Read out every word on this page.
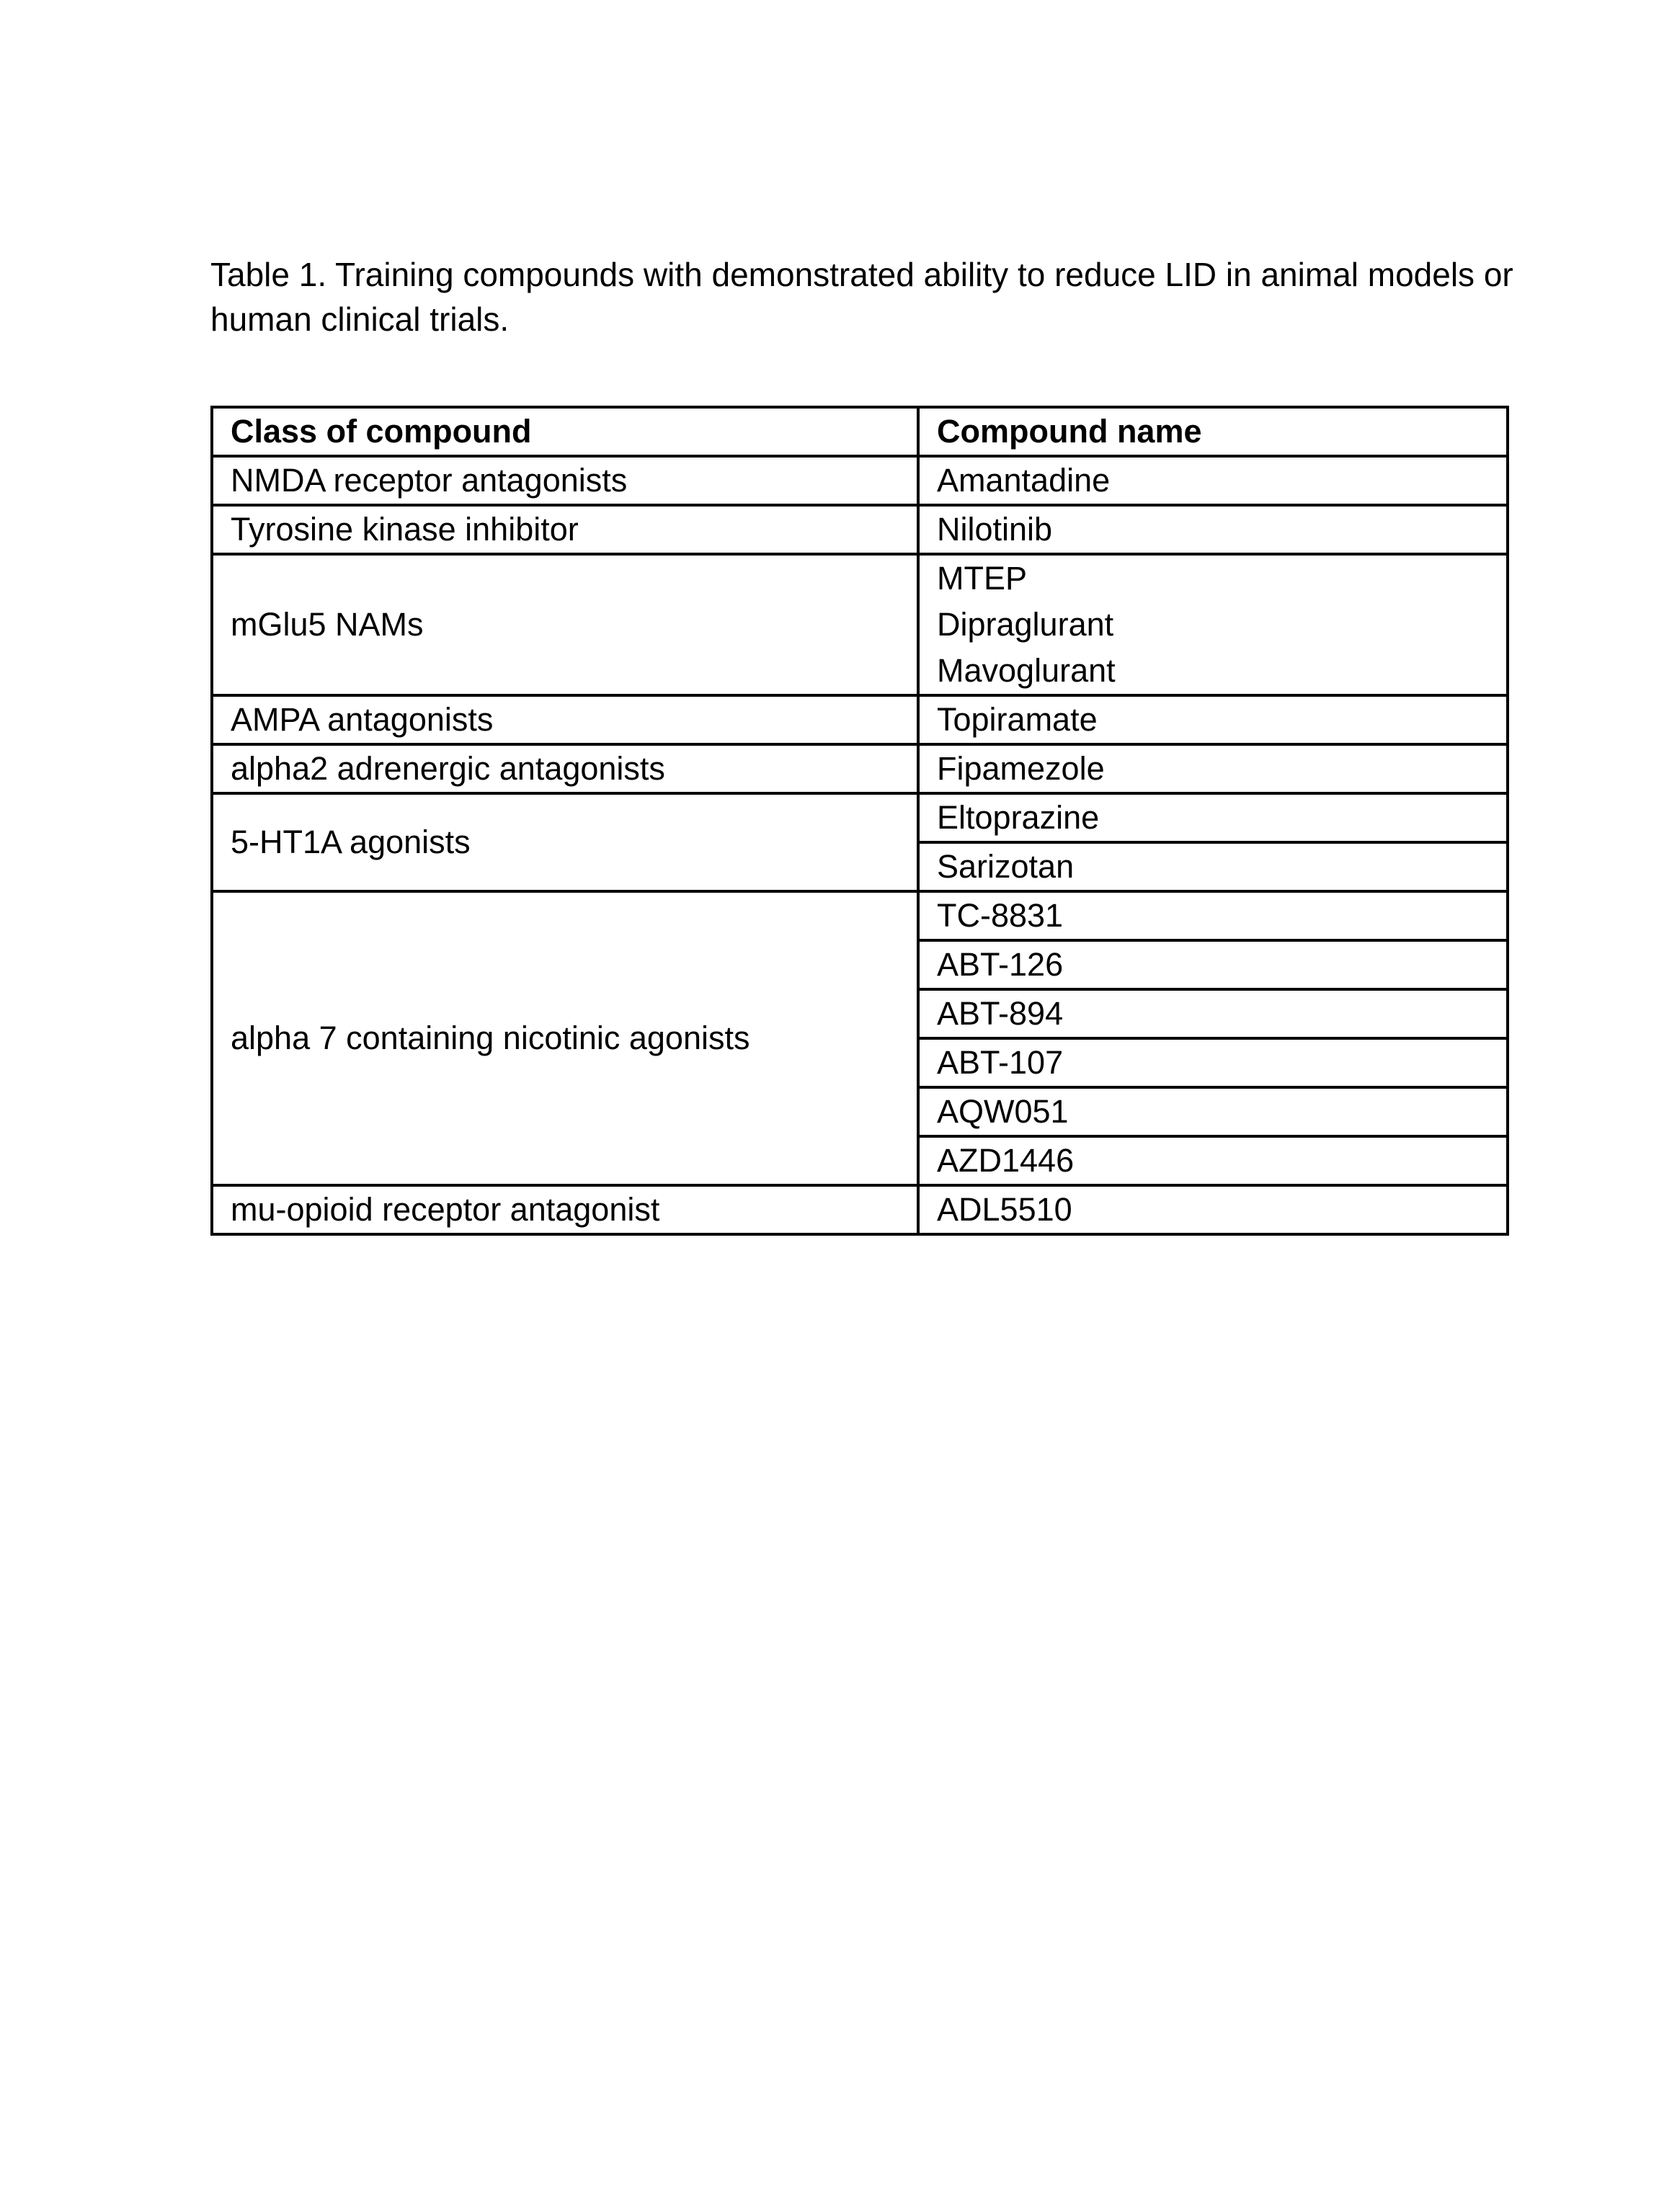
Table 1. Training compounds with demonstrated ability to reduce LID in animal models or human clinical trials.

Class of compound	Compound name
NMDA receptor antagonists	Amantadine
Tyrosine kinase inhibitor	Nilotinib
mGlu5 NAMs	MTEP
Dipraglurant
Mavoglurant

AMPA antagonists	Topiramate
alpha2 adrenergic antagonists	Fipamezole
5-HT1A agonists	Eltoprazine
	Sarizotan
alpha 7 containing nicotinic agonists	TC-8831
	ABT-126
	ABT-894
	ABT-107
	AQW051
	AZD1446
mu-opioid receptor antagonist	ADL5510
